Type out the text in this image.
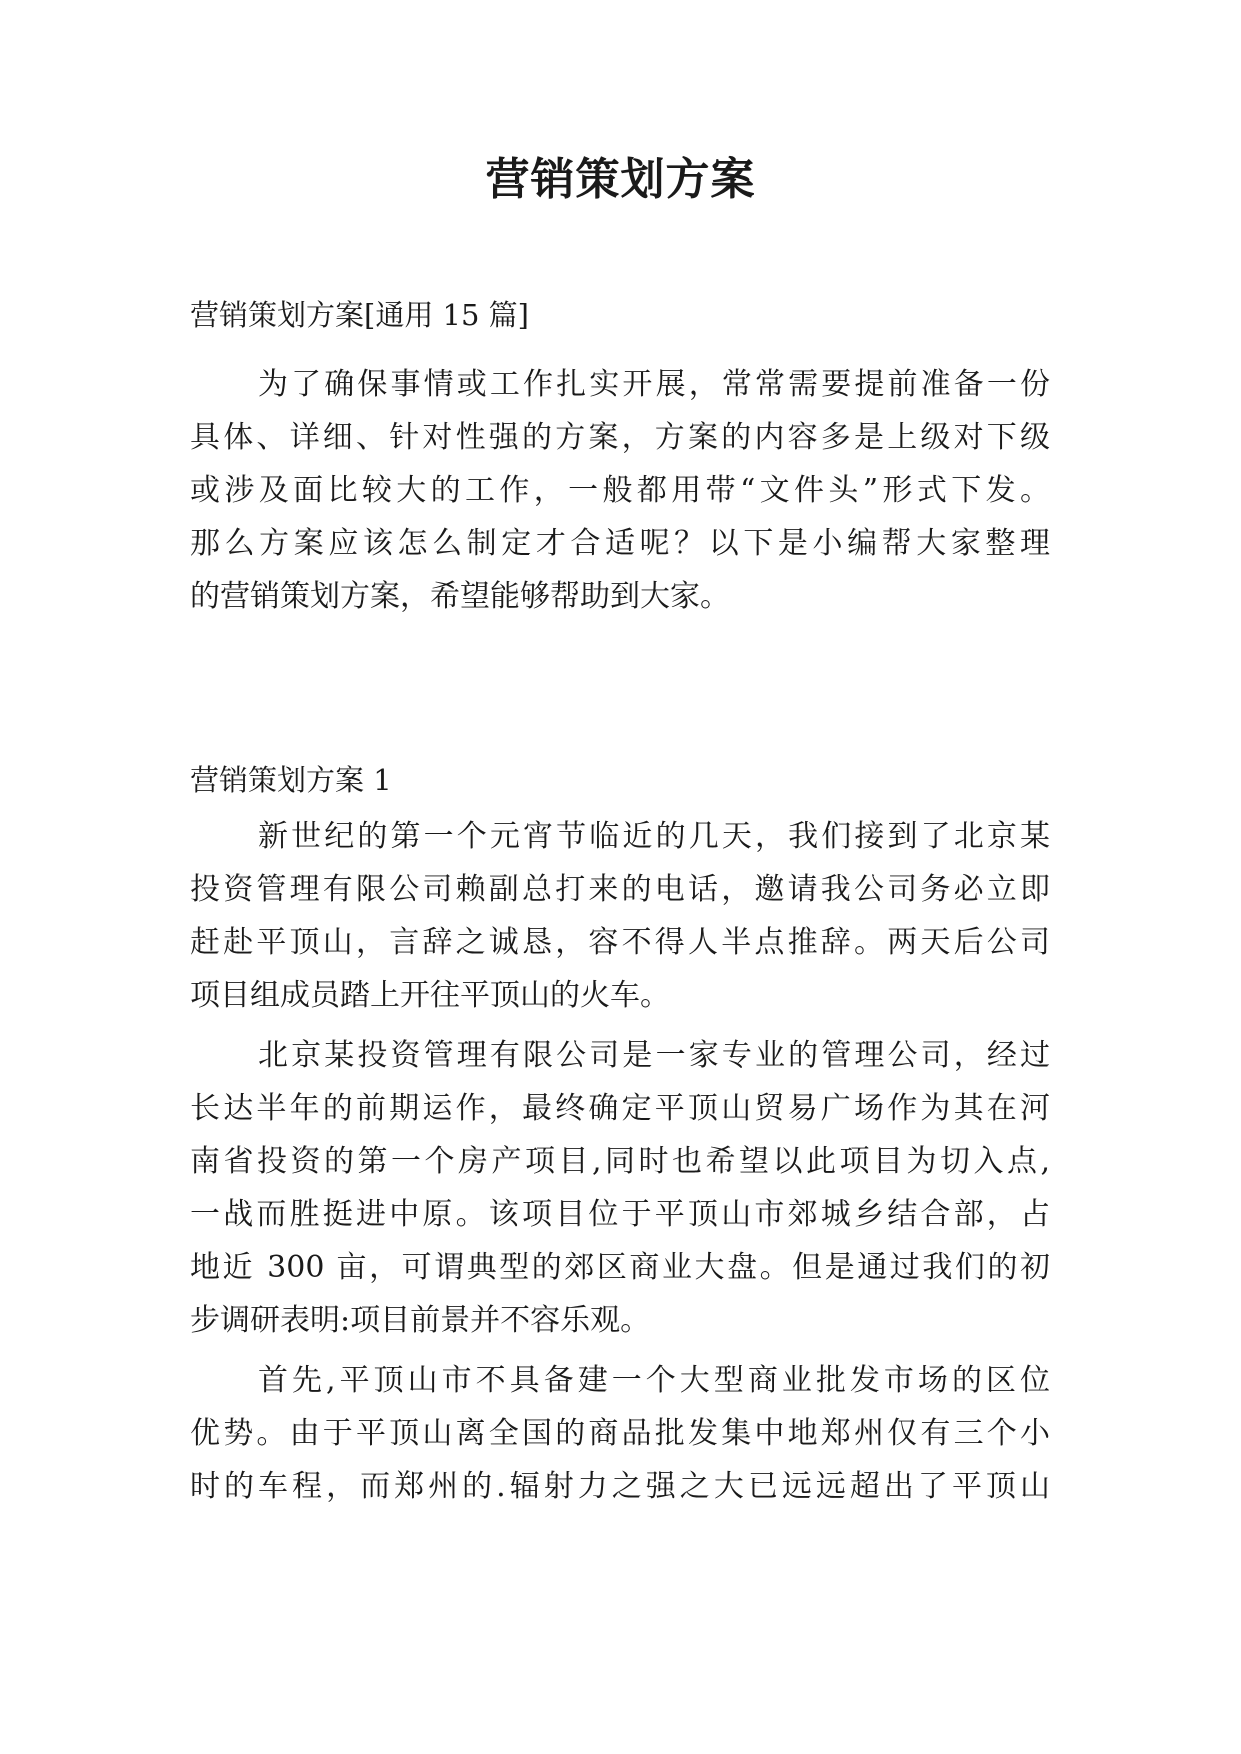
营销策划方案

营销策划方案[通用 15 篇]

为了确保事情或工作扎实开展，常常需要提前准备一份

具体、详细、针对性强的方案，方案的内容多是上级对下级

或涉及面比较大的工作，一般都用带“文件头”形式下发。

那么方案应该怎么制定才合适呢？以下是小编帮大家整理

的营销策划方案，希望能够帮助到大家。

营销策划方案 1

新世纪的第一个元宵节临近的几天，我们接到了北京某

投资管理有限公司赖副总打来的电话，邀请我公司务必立即

赶赴平顶山，言辞之诚恳，容不得人半点推辞。两天后公司

项目组成员踏上开往平顶山的火车。

北京某投资管理有限公司是一家专业的管理公司，经过

长达半年的前期运作，最终确定平顶山贸易广场作为其在河

南省投资的第一个房产项目,同时也希望以此项目为切入点,

一战而胜挺进中原。该项目位于平顶山市郊城乡结合部，占

地近 300 亩，可谓典型的郊区商业大盘。但是通过我们的初

步调研表明:项目前景并不容乐观。

首先,平顶山市不具备建一个大型商业批发市场的区位

优势。由于平顶山离全国的商品批发集中地郑州仅有三个小

时的车程，而郑州的.辐射力之强之大已远远超出了平顶山
